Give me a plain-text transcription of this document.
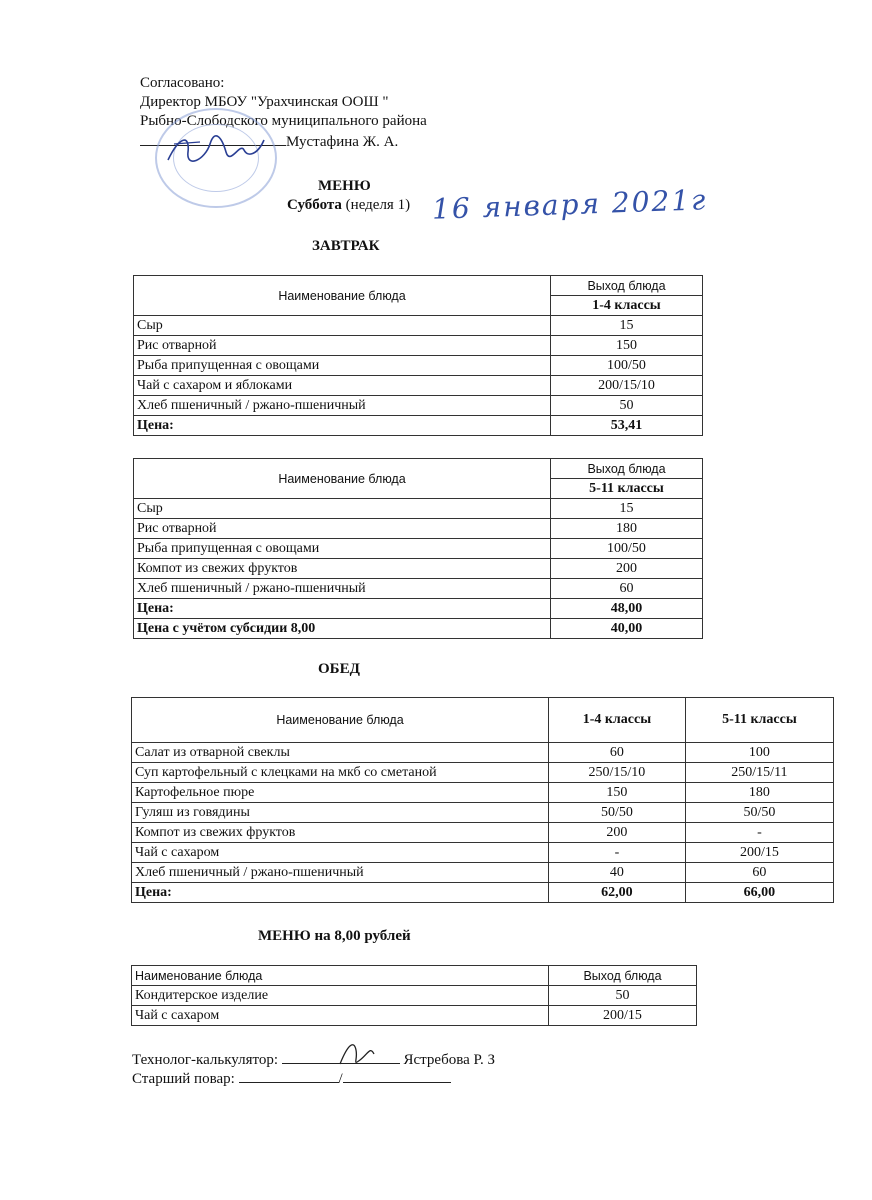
Согласовано:
Директор МБОУ "Урахчинская ООШ "
Рыбно-Слободского муниципального района
Мустафина Ж. А.
МЕНЮ
Суббота (неделя 1) 16 января 2021г
ЗАВТРАК
Наименование блюда	Выход блюда
	1-4 классы
Сыр	15
Рис отварной	150
Рыба припущенная с овощами	100/50
Чай с сахаром и яблоками	200/15/10
Хлеб пшеничный / ржано-пшеничный	50
Цена:	53,41
Наименование блюда	Выход блюда
	5-11 классы
Сыр	15
Рис отварной	180
Рыба припущенная с овощами	100/50
Компот из свежих фруктов	200
Хлеб пшеничный / ржано-пшеничный	60
Цена:	48,00
Цена с учётом субсидии 8,00	40,00
ОБЕД
Наименование блюда	1-4 классы	5-11 классы
Салат из отварной свеклы	60	100
Суп картофельный с клецками на мкб со сметаной	250/15/10	250/15/11
Картофельное пюре	150	180
Гуляш из говядины	50/50	50/50
Компот из свежих фруктов	200	-
Чай с сахаром	-	200/15
Хлеб пшеничный / ржано-пшеничный	40	60
Цена:	62,00	66,00
МЕНЮ на 8,00 рублей
Наименование блюда	Выход блюда
Кондитерское изделие	50
Чай с сахаром	200/15
Технолог-калькулятор:	Ястребова Р. З
Старший повар:	/
